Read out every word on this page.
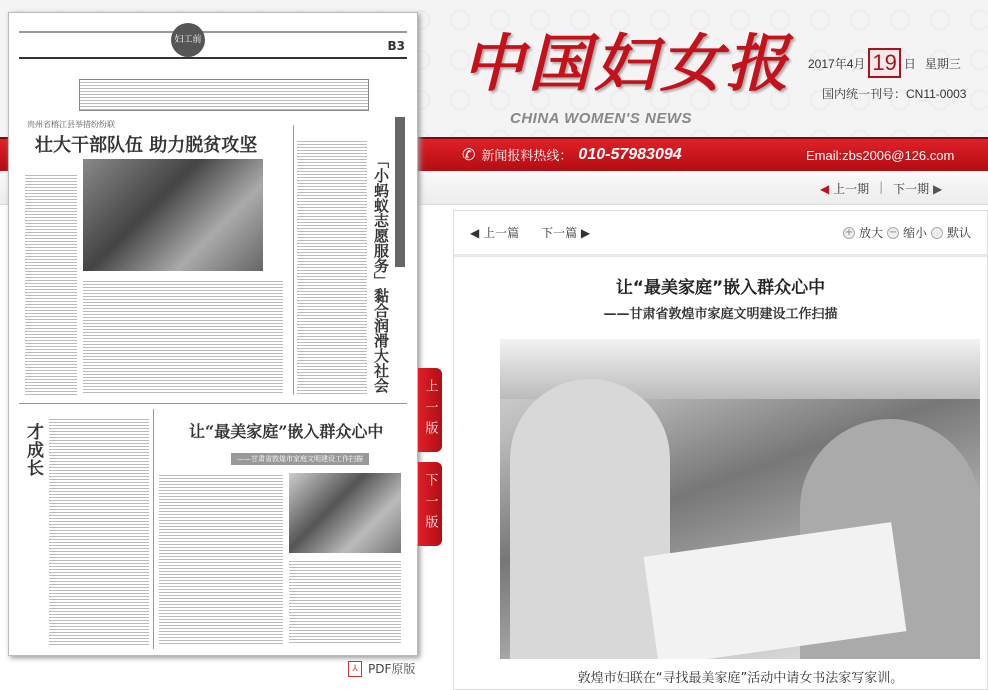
中国妇女报
CHINA WOMEN'S NEWS
2017年4月 19 日 星期三
国内统一刊号：CN11-0003
✆ 新闻报料热线： 010-57983094	Email:zbs2006@126.com
◀ 上一期 | 下一期 ▶
妇工前沿
B3
贵州省榕江县举措纷纷联
壮大干部队伍 助力脱贫攻坚
「小蚂蚁志愿服务」黏合润滑大社会
才成长
让“最美家庭”嵌入群众心中
——甘肃省敦煌市家庭文明建设工作扫描
⅄ PDF原版
上一版
下一版
◀ 上一篇 下一篇 ▶	+ 放大 − 缩小 默认
让“最美家庭”嵌入群众心中
——甘肃省敦煌市家庭文明建设工作扫描
敦煌市妇联在“寻找最美家庭”活动中请女书法家写家训。
